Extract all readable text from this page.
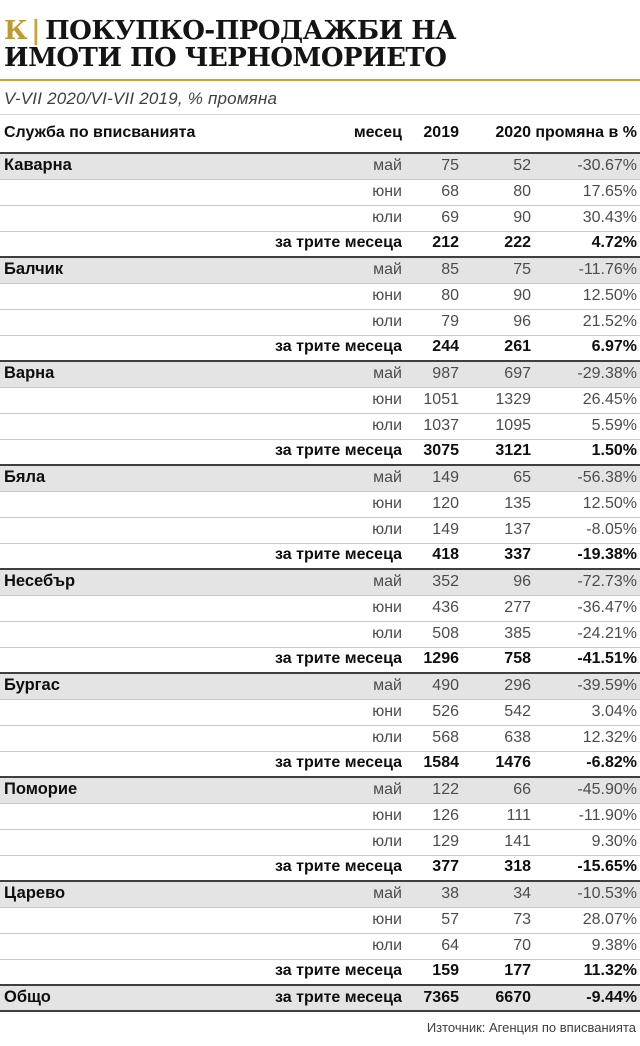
К | ПОКУПКО-ПРОДАЖБИ НА
ИМОТИ ПО ЧЕРНОМОРИЕТО

V-VII 2020/VI-VII 2019, % промяна

Служба по вписванията	месец	2019	2020	промяна в %
Каварна	май	75	52	-30.67%
	юни	68	80	17.65%
	юли	69	90	30.43%
	за трите месеца	212	222	4.72%
Балчик	май	85	75	-11.76%
	юни	80	90	12.50%
	юли	79	96	21.52%
	за трите месеца	244	261	6.97%
Варна	май	987	697	-29.38%
	юни	1051	1329	26.45%
	юли	1037	1095	5.59%
	за трите месеца	3075	3121	1.50%
Бяла	май	149	65	-56.38%
	юни	120	135	12.50%
	юли	149	137	-8.05%
	за трите месеца	418	337	-19.38%
Несебър	май	352	96	-72.73%
	юни	436	277	-36.47%
	юли	508	385	-24.21%
	за трите месеца	1296	758	-41.51%
Бургас	май	490	296	-39.59%
	юни	526	542	3.04%
	юли	568	638	12.32%
	за трите месеца	1584	1476	-6.82%
Поморие	май	122	66	-45.90%
	юни	126	111	-11.90%
	юли	129	141	9.30%
	за трите месеца	377	318	-15.65%
Царево	май	38	34	-10.53%
	юни	57	73	28.07%
	юли	64	70	9.38%
	за трите месеца	159	177	11.32%
Общо	за трите месеца	7365	6670	-9.44%

Източник: Агенция по вписванията
